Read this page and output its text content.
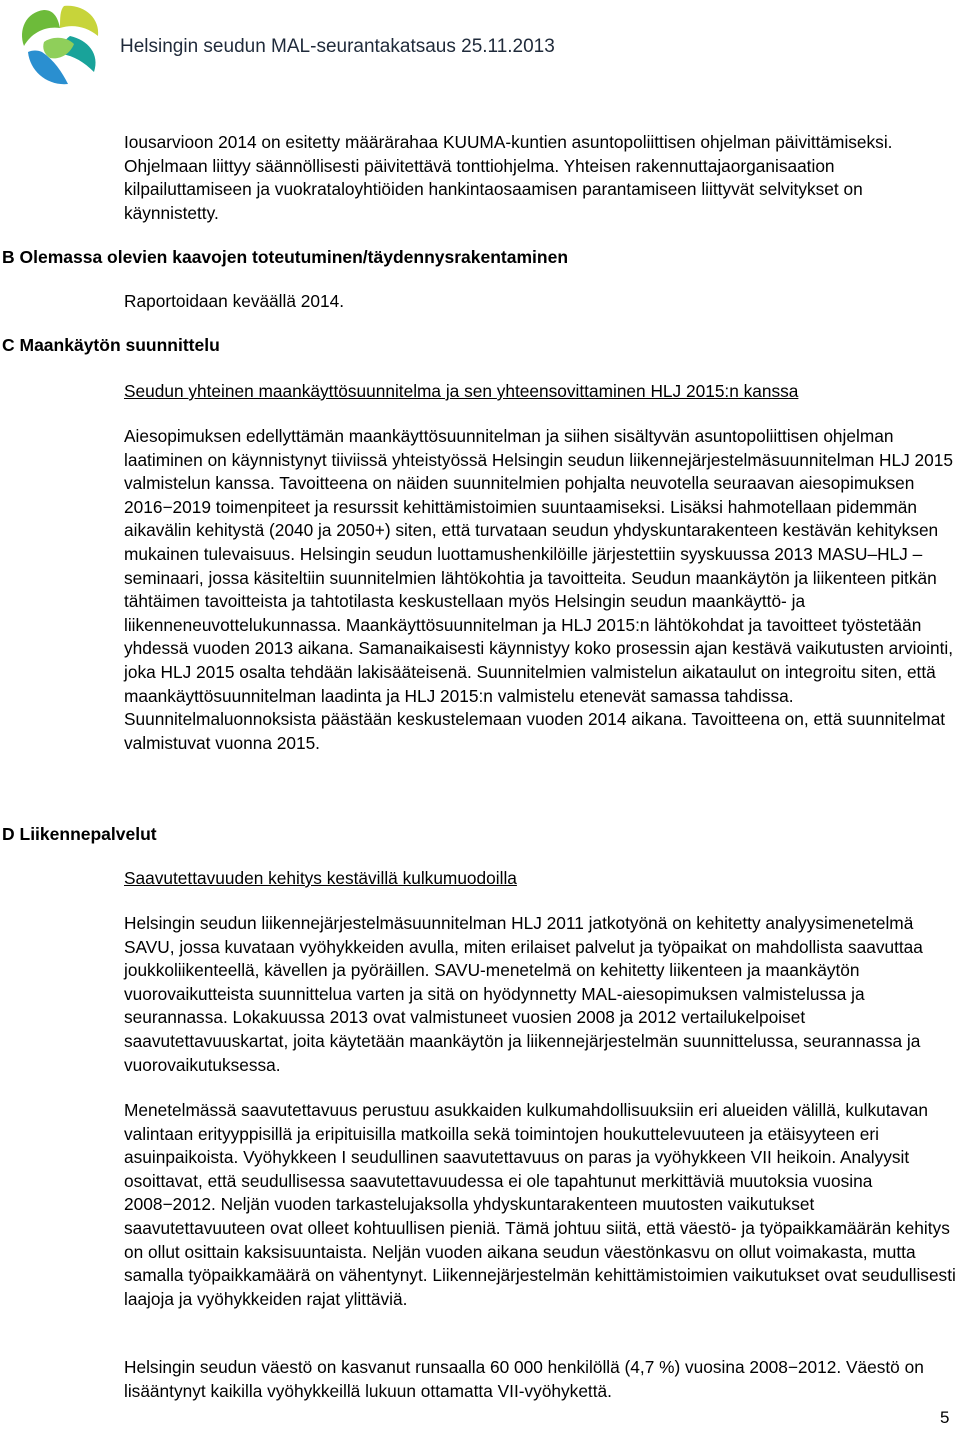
Helsingin seudun MAL-seurantakatsaus 25.11.2013

Iousarvioon 2014 on esitetty määrärahaa KUUMA-kuntien asuntopoliittisen ohjelman päivittämiseksi. Ohjelmaan liittyy säännöllisesti päivitettävä tonttiohjelma. Yhteisen rakennuttajaorganisaation kilpailuttamiseen ja vuokrataloyhtiöiden hankintaosaamisen parantamiseen liittyvät selvitykset on käynnistetty.

B Olemassa olevien kaavojen toteutuminen/täydennysrakentaminen

Raportoidaan keväällä 2014.

C Maankäytön suunnittelu
Seudun yhteinen maankäyttösuunnitelma ja sen yhteensovittaminen HLJ 2015:n kanssa

Aiesopimuksen edellyttämän maankäyttösuunnitelman ja siihen sisältyvän asuntopoliittisen ohjelman laatiminen on käynnistynyt tiiviissä yhteistyössä Helsingin seudun liikennejärjestelmäsuunnitelman HLJ 2015 valmistelun kanssa. Tavoitteena on näiden suunnitelmien pohjalta neuvotella seuraavan aiesopimuksen 2016−2019 toimenpiteet ja resurssit kehittämistoimien suuntaamiseksi. Lisäksi hahmotellaan pidemmän aikavälin kehitystä (2040 ja 2050+) siten, että turvataan seudun yhdyskuntarakenteen kestävän kehityksen mukainen tulevaisuus. Helsingin seudun luottamushenkilöille järjestettiin syyskuussa 2013 MASU–HLJ –seminaari, jossa käsiteltiin suunnitelmien lähtökohtia ja tavoitteita. Seudun maankäytön ja liikenteen pitkän tähtäimen tavoitteista ja tahtotilasta keskustellaan myös Helsingin seudun maankäyttö- ja liikenneneuvottelukunnassa. Maankäyttösuunnitelman ja HLJ 2015:n lähtökohdat ja tavoitteet työstetään yhdessä vuoden 2013 aikana. Samanaikaisesti käynnistyy koko prosessin ajan kestävä vaikutusten arviointi, joka HLJ 2015 osalta tehdään lakisääteisenä. Suunnitelmien valmistelun aikataulut on integroitu siten, että maankäyttösuunnitelman laadinta ja HLJ 2015:n valmistelu etenevät samassa tahdissa. Suunnitelmaluonnoksista päästään keskustelemaan vuoden 2014 aikana. Tavoitteena on, että suunnitelmat valmistuvat vuonna 2015.

D Liikennepalvelut
Saavutettavuuden kehitys kestävillä kulkumuodoilla

Helsingin seudun liikennejärjestelmäsuunnitelman HLJ 2011 jatkotyönä on kehitetty analyysimenetelmä SAVU, jossa kuvataan vyöhykkeiden avulla, miten erilaiset palvelut ja työpaikat on mahdollista saavuttaa joukkoliikenteellä, kävellen ja pyöräillen. SAVU-menetelmä on kehitetty liikenteen ja maankäytön vuorovaikutteista suunnittelua varten ja sitä on hyödynnetty MAL-aiesopimuksen valmistelussa ja seurannassa. Lokakuussa 2013 ovat valmistuneet vuosien 2008 ja 2012 vertailukelpoiset saavutettavuuskartat, joita käytetään maankäytön ja liikennejärjestelmän suunnittelussa, seurannassa ja vuorovaikutuksessa.

Menetelmässä saavutettavuus perustuu asukkaiden kulkumahdollisuuksiin eri alueiden välillä, kulkutavan valintaan erityyppisillä ja eripituisilla matkoilla sekä toimintojen houkuttelevuuteen ja etäisyyteen eri asuinpaikoista. Vyöhykkeen I seudullinen saavutettavuus on paras ja vyöhykkeen VII heikoin. Analyysit osoittavat, että seudullisessa saavutettavuudessa ei ole tapahtunut merkittäviä muutoksia vuosina 2008−2012. Neljän vuoden tarkastelujaksolla yhdyskuntarakenteen muutosten vaikutukset saavutettavuuteen ovat olleet kohtuullisen pieniä. Tämä johtuu siitä, että väestö- ja työpaikkamäärän kehitys on ollut osittain kaksisuuntaista. Neljän vuoden aikana seudun väestönkasvu on ollut voimakasta, mutta samalla työpaikkamäärä on vähentynyt. Liikennejärjestelmän kehittämistoimien vaikutukset ovat seudullisesti laajoja ja vyöhykkeiden rajat ylittäviä.

Helsingin seudun väestö on kasvanut runsaalla 60 000 henkilöllä (4,7 %) vuosina 2008−2012. Väestö on lisääntynyt kaikilla vyöhykkeillä lukuun ottamatta VII-vyöhykettä.

5
